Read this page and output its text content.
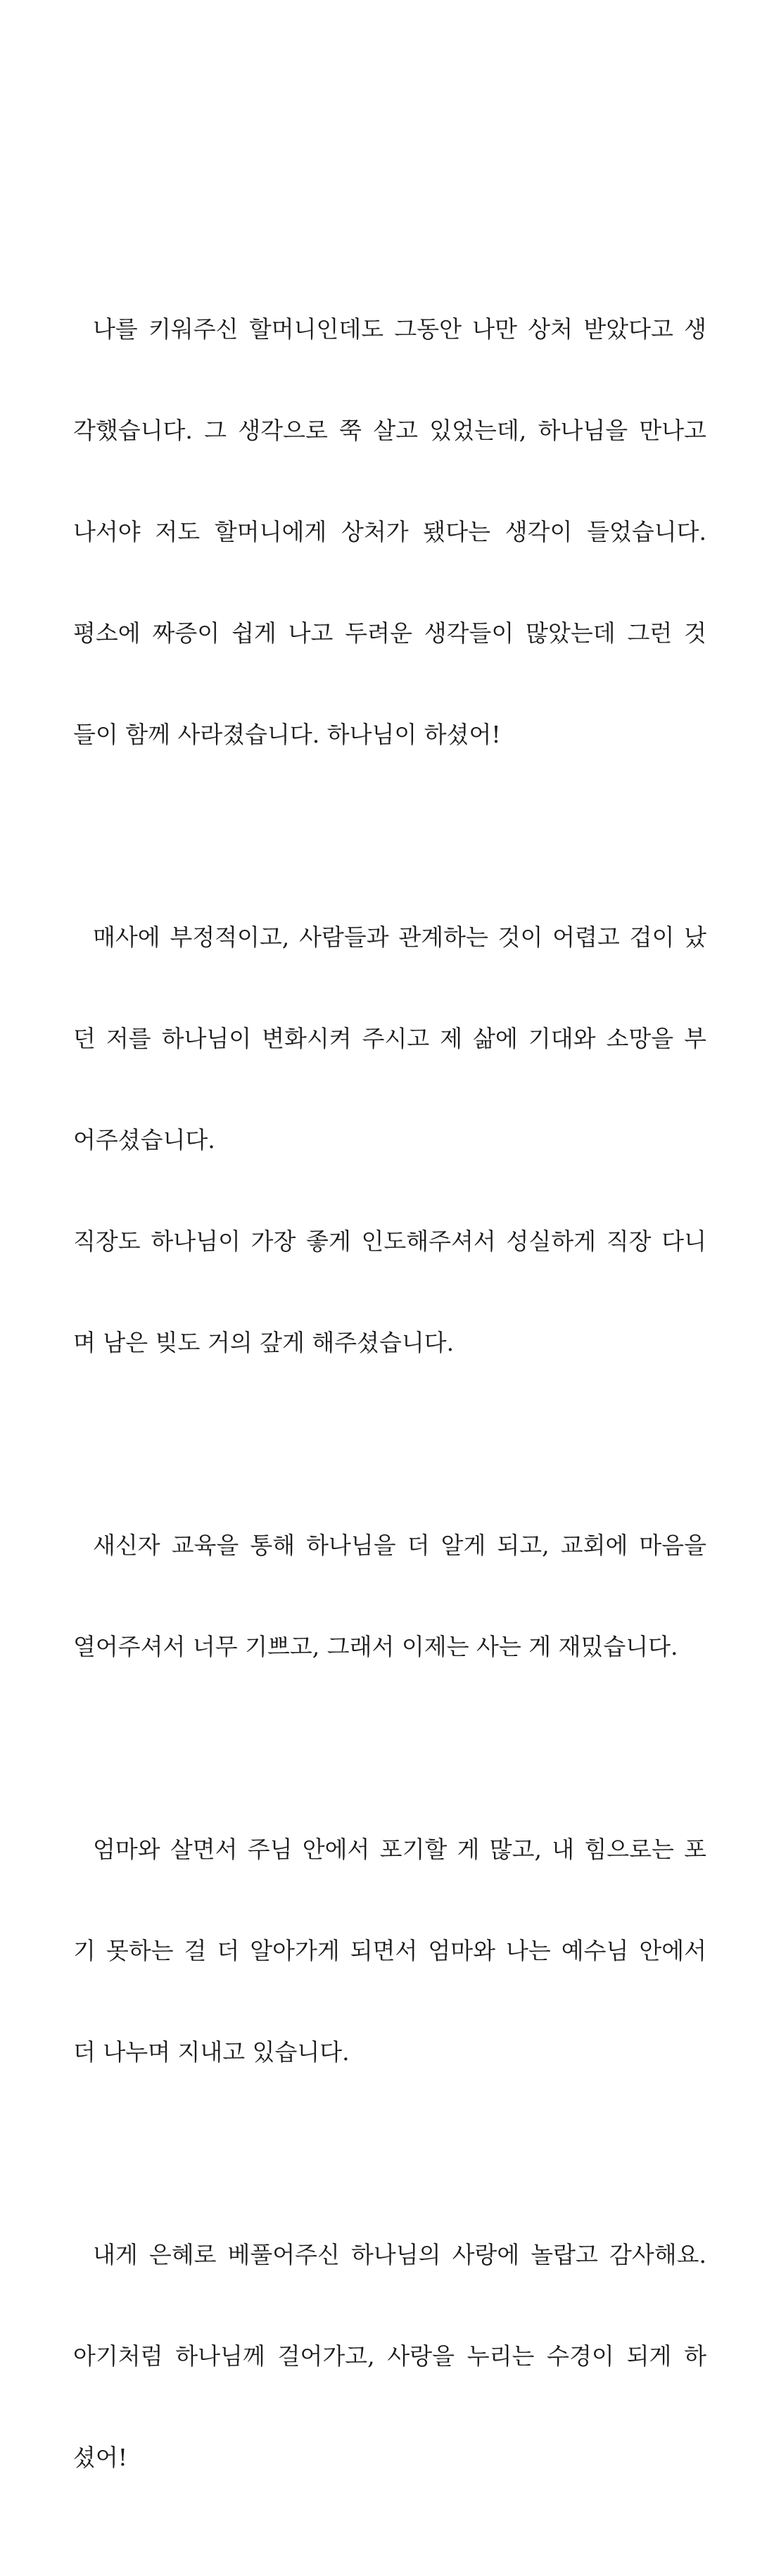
나를 키워주신 할머니인데도 그동안 나만 상처 받았다고 생

각했습니다. 그 생각으로 쭉 살고 있었는데, 하나님을 만나고

나서야 저도 할머니에게 상처가 됐다는 생각이 들었습니다.

평소에 짜증이 쉽게 나고 두려운 생각들이 많았는데 그런 것

들이 함께 사라졌습니다. 하나님이 하셨어!

매사에 부정적이고, 사람들과 관계하는 것이 어렵고 겁이 났

던 저를 하나님이 변화시켜 주시고 제 삶에 기대와 소망을 부

어주셨습니다.

직장도 하나님이 가장 좋게 인도해주셔서 성실하게 직장 다니

며 남은 빚도 거의 갚게 해주셨습니다.

새신자 교육을 통해 하나님을 더 알게 되고, 교회에 마음을

열어주셔서 너무 기쁘고, 그래서 이제는 사는 게 재밌습니다.

엄마와 살면서 주님 안에서 포기할 게 많고, 내 힘으로는 포

기 못하는 걸 더 알아가게 되면서 엄마와 나는 예수님 안에서

더 나누며 지내고 있습니다.

내게 은혜로 베풀어주신 하나님의 사랑에 놀랍고 감사해요.

아기처럼 하나님께 걸어가고, 사랑을 누리는 수경이 되게 하

셨어!
